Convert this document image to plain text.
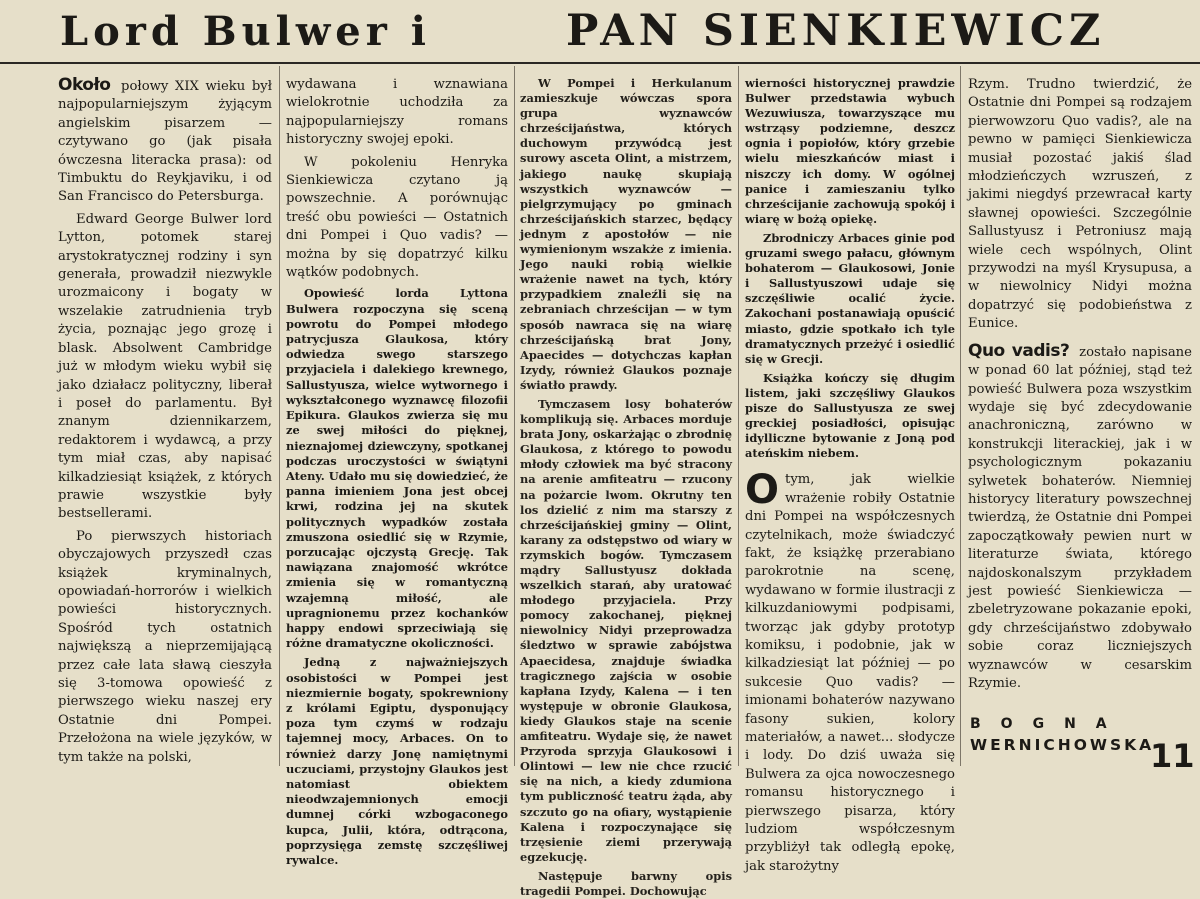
Lord Bulwer i	PAN SIENKIEWICZ

Około połowy XIX wieku był najpopularniejszym żyjącym angielskim pisarzem — czytywano go (jak pisała ówczesna literacka prasa): od Timbuktu do Reykjaviku, i od San Francisco do Petersburga.

Edward George Bulwer lord Lytton, potomek starej arystokratycznej rodziny i syn generała, prowadził niezwykle urozmaicony i bogaty w wszelakie zatrudnienia tryb życia, poznając jego grozę i blask. Absolwent Cambridge już w młodym wieku wybił się jako działacz polityczny, liberał i poseł do parlamentu. Był znanym dziennikarzem, redaktorem i wydawcą, a przy tym miał czas, aby napisać kilkadziesiąt książek, z których prawie wszystkie były bestsellerami.

Po pierwszych historiach obyczajowych przyszedł czas książek kryminalnych, opowiadań-horrorów i wielkich powieści historycznych. Spośród tych ostatnich największą a nieprzemijającą przez całe lata sławą cieszyła się 3-tomowa opowieść z pierwszego wieku naszej ery Ostatnie dni Pompei. Przełożona na wiele języków, w tym także na polski,

wydawana i wznawiana wielokrotnie uchodziła za najpopularniejszy romans historyczny swojej epoki.

W pokoleniu Henryka Sienkiewicza czytano ją powszechnie. A porównując treść obu powieści — Ostatnich dni Pompei i Quo vadis? — można by się dopatrzyć kilku wątków podobnych.

Opowieść lorda Lyttona Bulwera rozpoczyna się sceną powrotu do Pompei młodego patrycjusza Glaukosa, który odwiedza swego starszego przyjaciela i dalekiego krewnego, Sallustyusza, wielce wytwornego i wykształconego wyznawcę filozofii Epikura. Glaukos zwierza się mu ze swej miłości do pięknej, nieznajomej dziewczyny, spotkanej podczas uroczystości w świątyni Ateny. Udało mu się dowiedzieć, że panna imieniem Jona jest obcej krwi, rodzina jej na skutek politycznych wypadków została zmuszona osiedlić się w Rzymie, porzucając ojczystą Grecję. Tak nawiązana znajomość wkrótce zmienia się w romantyczną wzajemną miłość, ale upragnionemu przez kochanków happy endowi sprzeciwiają się różne dramatyczne okoliczności.

Jedną z najważniejszych osobistości w Pompei jest niezmiernie bogaty, spokrewniony z królami Egiptu, dysponujący poza tym czymś w rodzaju tajemnej mocy, Arbaces. On to również darzy Jonę namiętnymi uczuciami, przystojny Glaukos jest natomiast obiektem nieodwzajemnionych emocji dumnej córki wzbogaconego kupca, Julii, która, odtrącona, poprzysięga zemstę szczęśliwej rywalce.

W Pompei i Herkulanum zamieszkuje wówczas spora grupa wyznawców chrześcijaństwa, których duchowym przywódcą jest surowy asceta Olint, a mistrzem, jakiego naukę skupiają wszystkich wyznawców — pielgrzymujący po gminach chrześcijańskich starzec, będący jednym z apostołów — nie wymienionym wszakże z imienia. Jego nauki robią wielkie wrażenie nawet na tych, który przypadkiem znaleźli się na zebraniach chrześcijan — w tym sposób nawraca się na wiarę chrześcijańską brat Jony, Apaecides — dotychczas kapłan Izydy, również Glaukos poznaje światło prawdy.

Tymczasem losy bohaterów komplikują się. Arbaces morduje brata Jony, oskarżając o zbrodnię Glaukosa, z którego to powodu młody człowiek ma być stracony na arenie amfiteatru — rzucony na pożarcie lwom. Okrutny ten los dzielić z nim ma starszy z chrześcijańskiej gminy — Olint, karany za odstępstwo od wiary w rzymskich bogów. Tymczasem mądry Sallustyusz dokłada wszelkich starań, aby uratować młodego przyjaciela. Przy pomocy zakochanej, pięknej niewolnicy Nidyi przeprowadza śledztwo w sprawie zabójstwa Apaecidesa, znajduje świadka tragicznego zajścia w osobie kapłana Izydy, Kalena — i ten występuje w obronie Glaukosa, kiedy Glaukos staje na scenie amfiteatru. Wydaje się, że nawet Przyrodа sprzyja Glaukosowi i Olintowi — lew nie chce rzucić się na nich, a kiedy zdumiona tym publiczność teatru żąda, aby szczuto go na ofiary, wystąpienie Kalena i rozpoczynające się trzęsienie ziemi przerywają egzekucję.

Następuje barwny opis tragedii Pompei. Dochowując

wierności historycznej prawdzie Bulwer przedstawia wybuch Wezuwiusza, towarzyszące mu wstrząsy podziemne, deszcz ognia i popiołów, który grzebie wielu mieszkańców miast i niszczy ich domy. W ogólnej panice i zamieszaniu tylko chrześcijanie zachowują spokój i wiarę w bożą opiekę.

Zbrodniczy Arbaces ginie pod gruzami swego pałacu, głównym bohaterom — Glaukosowi, Jonie i Sallustyuszowi udaje się szczęśliwie ocalić życie. Zakochani postanawiają opuścić miasto, gdzie spotkało ich tyle dramatycznych przeżyć i osiedlić się w Grecji.

Książka kończy się długim listem, jaki szczęśliwy Glaukos pisze do Sallustyusza ze swej greckiej posiadłości, opisując idylliczne bytowanie z Joną pod ateńskim niebem.

Otym, jak wielkie wrażenie robiły Ostatnie dni Pompei na współczesnych czytelnikach, może świadczyć fakt, że książkę przerabiano parokrotnie na scenę, wydawano w formie ilustracji z kilkuzdaniowymi podpisami, tworząc jak gdyby prototyp komiksu, i podobnie, jak w kilkadziesiąt lat później — po sukcesie Quo vadis? — imionami bohaterów nazywano fasony sukien, kolory materiałów, a nawet... słodycze i lody. Do dziś uważa się Bulwera za ojca nowoczesnego romansu historycznego i pierwszego pisarza, który ludziom współczesnym przybliżył tak odległą epokę, jak starożytny

Rzym. Trudno twierdzić, że Ostatnie dni Pompei są rodzajem pierwowzoru Quo vadis?, ale na pewno w pamięci Sienkiewicza musiał pozostać jakiś ślad młodzieńczych wzruszeń, z jakimi niegdyś przewracał karty sławnej opowieści. Szczególnie Sallustyusz i Petroniusz mają wiele cech wspólnych, Olint przywodzi na myśl Krysupusa, a w niewolnicy Nidyi można dopatrzyć się podobieństwa z Eunice.

Quo vadis? zostało napisane w ponad 60 lat później, stąd też powieść Bulwera poza wszystkim wydaje się być zdecydowanie anachroniczną, zarówno w konstrukcji literackiej, jak i w psychologicznym pokazaniu sylwetek bohaterów. Niemniej historycy literatury powszechnej twierdzą, że Ostatnie dni Pompei zapoczątkowały pewien nurt w literaturze świata, którego najdoskonalszym przykładem jest powieść Sienkiewicza — zbeletryzowane pokazanie epoki, gdy chrześcijaństwo zdobywało sobie coraz liczniejszych wyznawców w cesarskim Rzymie.

BOGNA
WERNICHOWSKA
11
